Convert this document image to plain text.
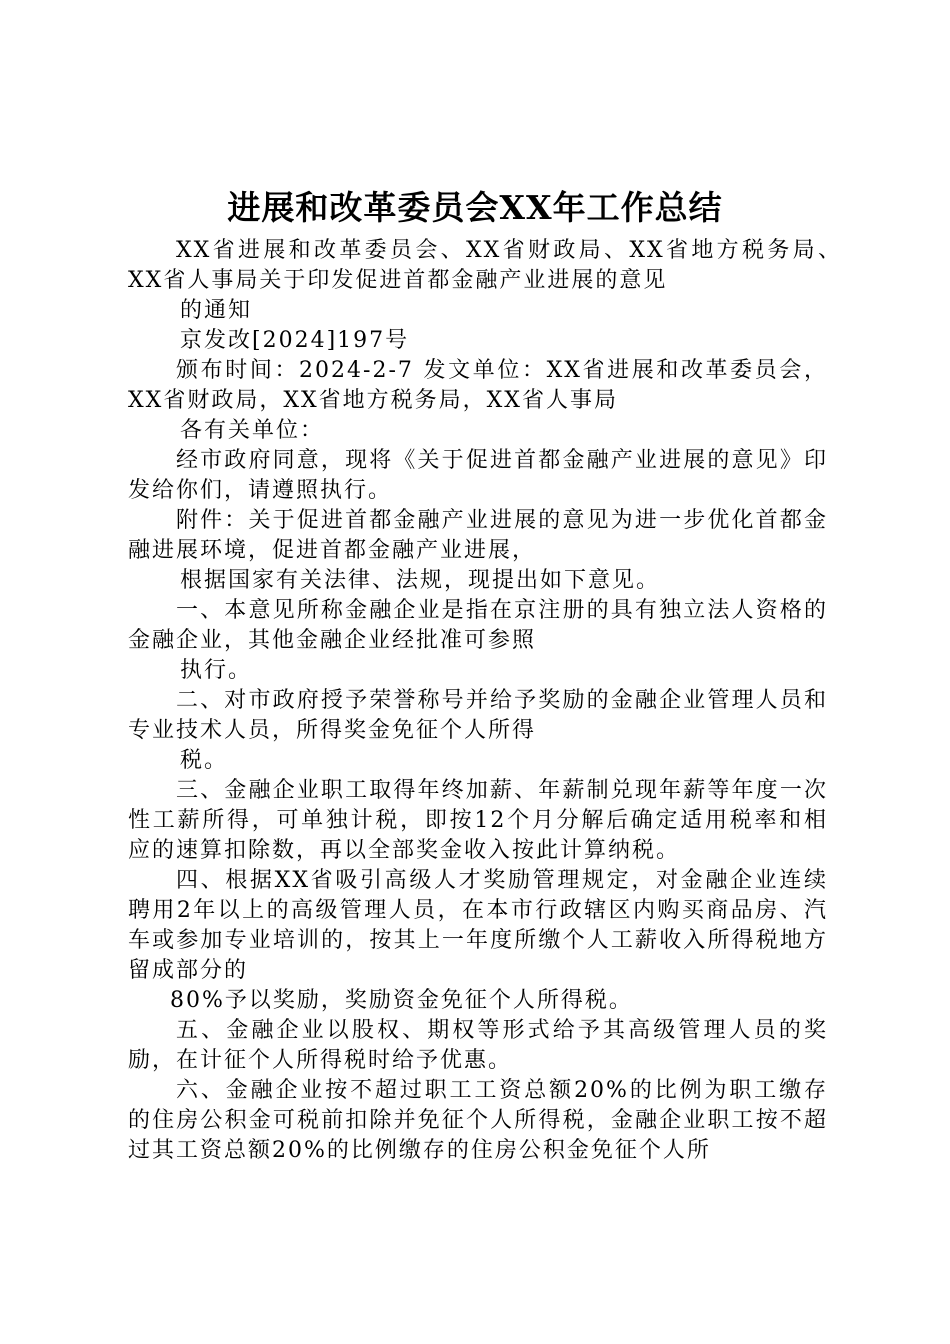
进展和改革委员会XX年工作总结

XX省进展和改革委员会、XX省财政局、XX省地方税务局、XX省人事局关于印发促进首都金融产业进展的意见

的通知

京发改[2024]197号

颁布时间：2024-2-7 发文单位：XX省进展和改革委员会，XX省财政局，XX省地方税务局，XX省人事局

各有关单位：

经市政府同意，现将《关于促进首都金融产业进展的意见》印发给你们，请遵照执行。

附件：关于促进首都金融产业进展的意见为进一步优化首都金融进展环境，促进首都金融产业进展，

根据国家有关法律、法规，现提出如下意见。

一、本意见所称金融企业是指在京注册的具有独立法人资格的金融企业，其他金融企业经批准可参照

执行。

二、对市政府授予荣誉称号并给予奖励的金融企业管理人员和专业技术人员，所得奖金免征个人所得

税。

三、金融企业职工取得年终加薪、年薪制兑现年薪等年度一次性工薪所得，可单独计税，即按12个月分解后确定适用税率和相应的速算扣除数，再以全部奖金收入按此计算纳税。

四、根据XX省吸引高级人才奖励管理规定，对金融企业连续聘用2年以上的高级管理人员，在本市行政辖区内购买商品房、汽车或参加专业培训的，按其上一年度所缴个人工薪收入所得税地方留成部分的

80%予以奖励，奖励资金免征个人所得税。

五、金融企业以股权、期权等形式给予其高级管理人员的奖励，在计征个人所得税时给予优惠。

六、金融企业按不超过职工工资总额20%的比例为职工缴存的住房公积金可税前扣除并免征个人所得税，金融企业职工按不超过其工资总额20%的比例缴存的住房公积金免征个人所
